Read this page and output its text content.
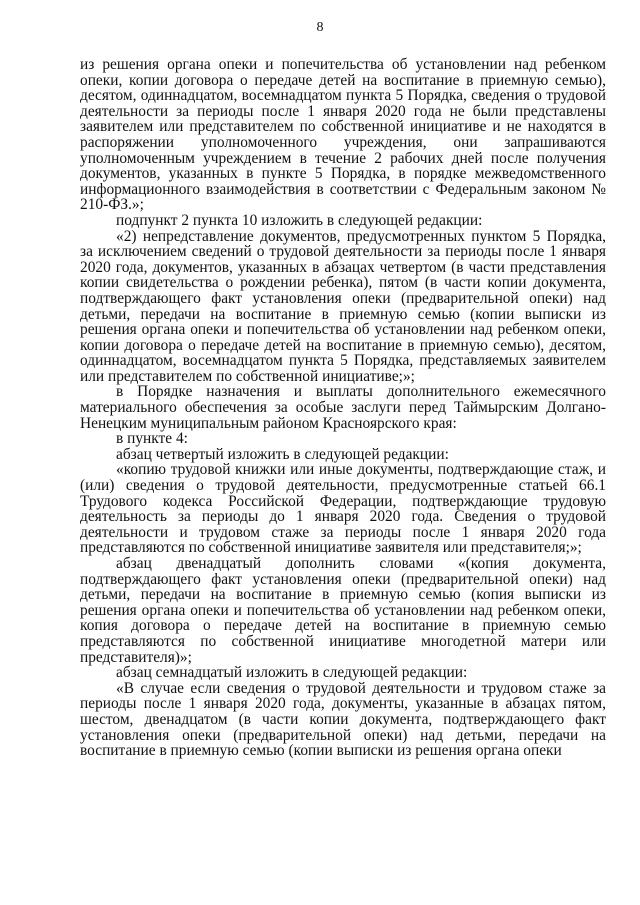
8

из решения органа опеки и попечительства об установлении над ребенком опеки, копии договора о передаче детей на воспитание в приемную семью), десятом, одиннадцатом, восемнадцатом пункта 5 Порядка, сведения о трудовой деятельности за периоды после 1 января 2020 года не были представлены заявителем или представителем по собственной инициативе и не находятся в распоряжении уполномоченного учреждения, они запрашиваются уполномоченным учреждением в течение 2 рабочих дней после получения документов, указанных в пункте 5 Порядка, в порядке межведомственного информационного взаимодействия в соответствии с Федеральным законом № 210-ФЗ.»;

подпункт 2 пункта 10 изложить в следующей редакции:

«2) непредставление документов, предусмотренных пунктом 5 Порядка, за исключением сведений о трудовой деятельности за периоды после 1 января 2020 года, документов, указанных в абзацах четвертом (в части представления копии свидетельства о рождении ребенка), пятом (в части копии документа, подтверждающего факт установления опеки (предварительной опеки) над детьми, передачи на воспитание в приемную семью (копии выписки из решения органа опеки и попечительства об установлении над ребенком опеки, копии договора о передаче детей на воспитание в приемную семью), десятом, одиннадцатом, восемнадцатом пункта 5 Порядка, представляемых заявителем или представителем по собственной инициативе;»;

в Порядке назначения и выплаты дополнительного ежемесячного материального обеспечения за особые заслуги перед Таймырским Долгано-Ненецким муниципальным районом Красноярского края:

в пункте 4:

абзац четвертый изложить в следующей редакции:

«копию трудовой книжки или иные документы, подтверждающие стаж, и (или) сведения о трудовой деятельности, предусмотренные статьей 66.1 Трудового кодекса Российской Федерации, подтверждающие трудовую деятельность за периоды до 1 января 2020 года. Сведения о трудовой деятельности и трудовом стаже за периоды после 1 января 2020 года представляются по собственной инициативе заявителя или представителя;»;

абзац двенадцатый дополнить словами «(копия документа, подтверждающего факт установления опеки (предварительной опеки) над детьми, передачи на воспитание в приемную семью (копия выписки из решения органа опеки и попечительства об установлении над ребенком опеки, копия договора о передаче детей на воспитание в приемную семью представляются по собственной инициативе многодетной матери или представителя)»;

абзац семнадцатый изложить в следующей редакции:

«В случае если сведения о трудовой деятельности и трудовом стаже за периоды после 1 января 2020 года, документы, указанные в абзацах пятом, шестом, двенадцатом (в части копии документа, подтверждающего факт установления опеки (предварительной опеки) над детьми, передачи на воспитание в приемную семью (копии выписки из решения органа опеки
